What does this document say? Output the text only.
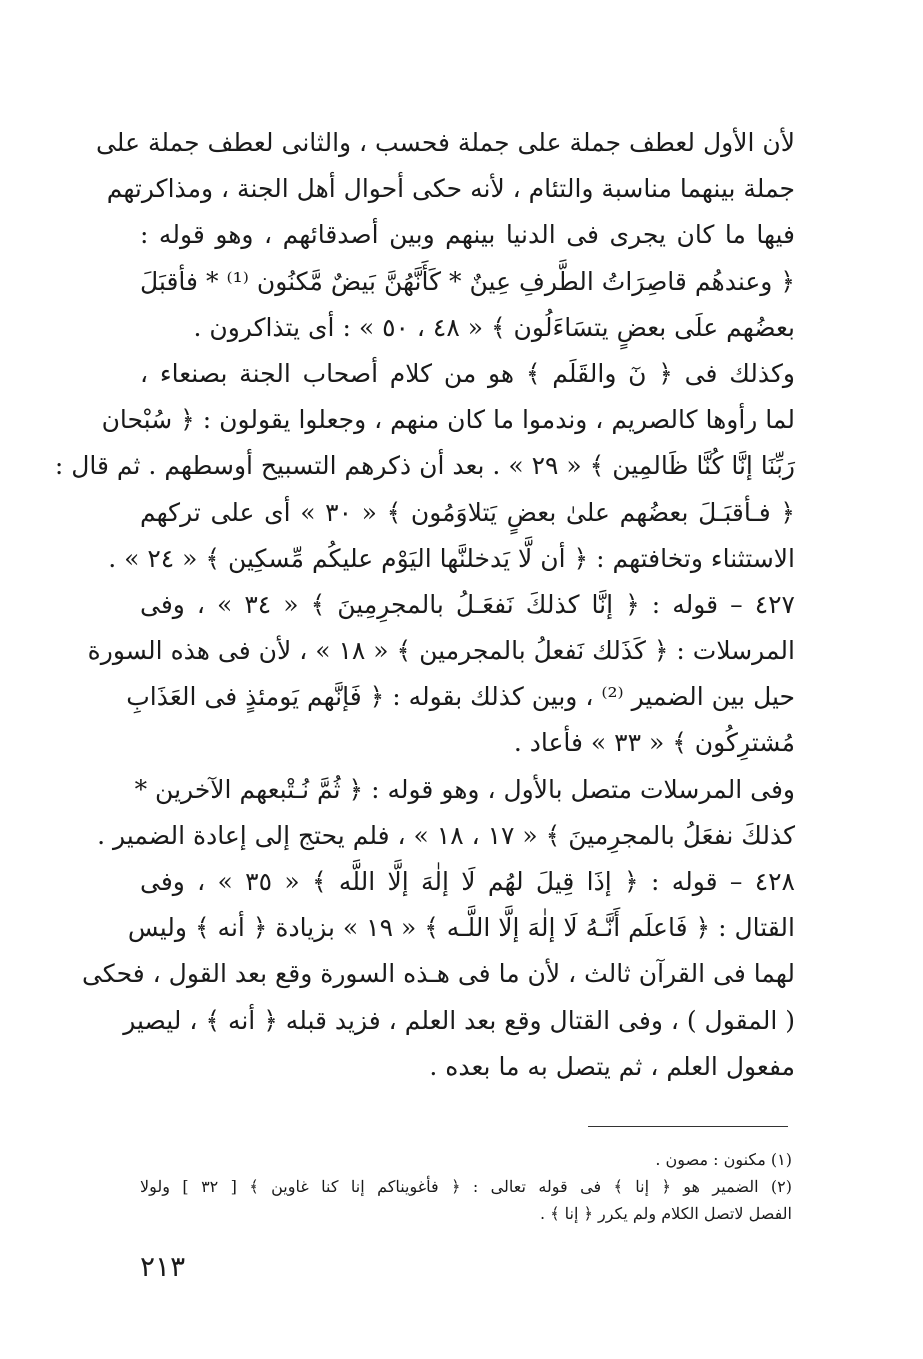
لأن الأول لعطف جملة على جملة فحسب ، والثانى لعطف جملة على
جملة بينهما مناسبة والتئام ، لأنه حكى أحوال أهل الجنة ، ومذاكرتهم
فيها ما كان يجرى فى الدنيا بينهم وبين أصدقائهم ، وهو قوله :
﴿ وعندهُم قاصِرَاتُ الطَّرفِ عِينٌ * كَأَنَّهُنَّ بَيضٌ مَّكنُون ⁽¹⁾ * فأقبَلَ
بعضُهم علَى بعضٍ يتسَاءَلُون ﴾ « ٤٨ ، ٥٠ » : أى يتذاكرون .
وكذلك فى ﴿ نٓ والقَلَم ﴾ هو من كلام أصحاب الجنة بصنعاء ،
لما رأوها كالصريم ، وندموا ما كان منهم ، وجعلوا يقولون : ﴿ سُبْحان
رَبِّنَا إنَّا كُنَّا ظَالمِين ﴾ « ٢٩ » . بعد أن ذكرهم التسبيح أوسطهم . ثم قال :
﴿ فـأقبَـلَ بعضُهم علىٰ بعضٍ يَتلاوَمُون ﴾ « ٣٠ » أى على تركهم
الاستثناء وتخافتهم : ﴿ أن لَّا يَدخلنَّها اليَوْم عليكُم مِّسكِين ﴾ « ٢٤ » .
٤٢٧ – قوله : ﴿ إنَّا كذلكَ نَفعَـلُ بالمجرِمِينَ ﴾ « ٣٤ » ، وفى
المرسلات : ﴿ كَذَلك نَفعلُ بالمجرمين ﴾ « ١٨ » ، لأن فى هذه السورة
حيل بين الضمير ⁽²⁾ ، وبين كذلك بقوله : ﴿ فَإنَّهم يَومئذٍ فى العَذَابِ
مُشترِكُون ﴾ « ٣٣ » فأعاد .
وفى المرسلات متصل بالأول ، وهو قوله : ﴿ ثُمَّ نُـتْبعهم الآخرين *
كذلكَ نفعَلُ بالمجرِمينَ ﴾ « ١٧ ، ١٨ » ، فلم يحتج إلى إعادة الضمير .
٤٢٨ – قوله : ﴿ إذَا قِيلَ لهُم لَا إلٰهَ إلَّا اللَّه ﴾ « ٣٥ » ، وفى
القتال : ﴿ فَاعلَم أَنَّـهُ لَا إلٰهَ إلَّا اللَّـه ﴾ « ١٩ » بزيادة ﴿ أنه ﴾ وليس
لهما فى القرآن ثالث ، لأن ما فى هـذه السورة وقع بعد القول ، فحكى
( المقول ) ، وفى القتال وقع بعد العلم ، فزيد قبله ﴿ أنه ﴾ ، ليصير
مفعول العلم ، ثم يتصل به ما بعده .
(١) مكنون : مصون .
(٢) الضمير هو ﴿ إنا ﴾ فى قوله تعالى : ﴿ فأغويناكم إنا كنا غاوين ﴾ [ ٣٢ ] ولولا
الفصل لاتصل الكلام ولم يكرر ﴿ إنا ﴾ .
٢١٣
